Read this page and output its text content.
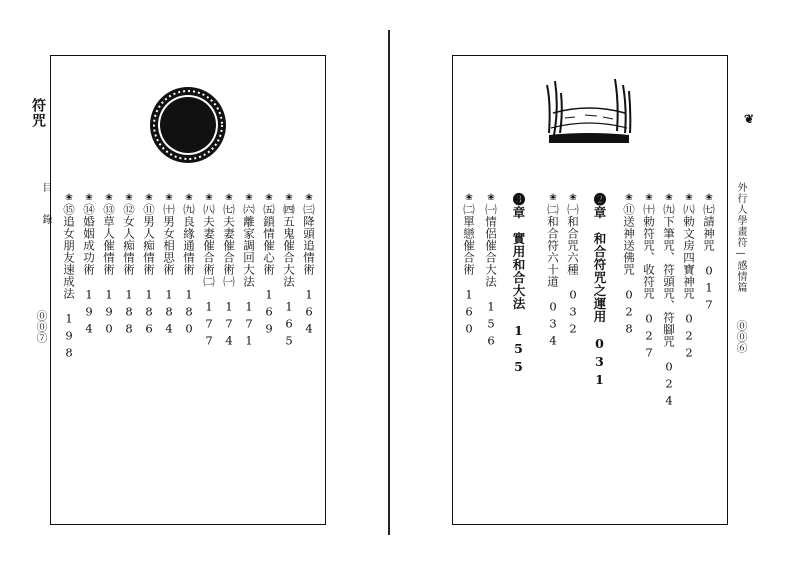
符咒
目錄
⓪⓪⑦
❀㈢降頭追情術　164
❀㈣五鬼催合大法　165
❀㈤鎖情催心術　169
❀㈥離家調回大法　171
❀㈦夫妻催合術㈠　174
❀㈧夫妻催合術㈡　177
❀㈨良緣通情術　180
❀㈩男女相思術　184
❀⑪男人痴情術　186
❀⑫女人痴情術　188
❀⑬草人催情術　190
❀⑭婚姻成功術　194
❀⑮追女朋友速成法　198
❦
外行人學畫符—感情篇
⓪⓪⑥
❀㈦請神咒　017
❀㈧勅文房四寶神咒　022
❀㈨下筆咒、符頭咒、符腳咒　024
❀㈩勅符咒、收符咒　027
❀⑪送神送佛咒　028
❷章　和合符咒之運用　031
❀㈠和合咒六種　032
❀㈡和合符六十道　034
❸章　實用和合大法　155
❀㈠情侶催合大法　156
❀㈡單戀催合術　160
